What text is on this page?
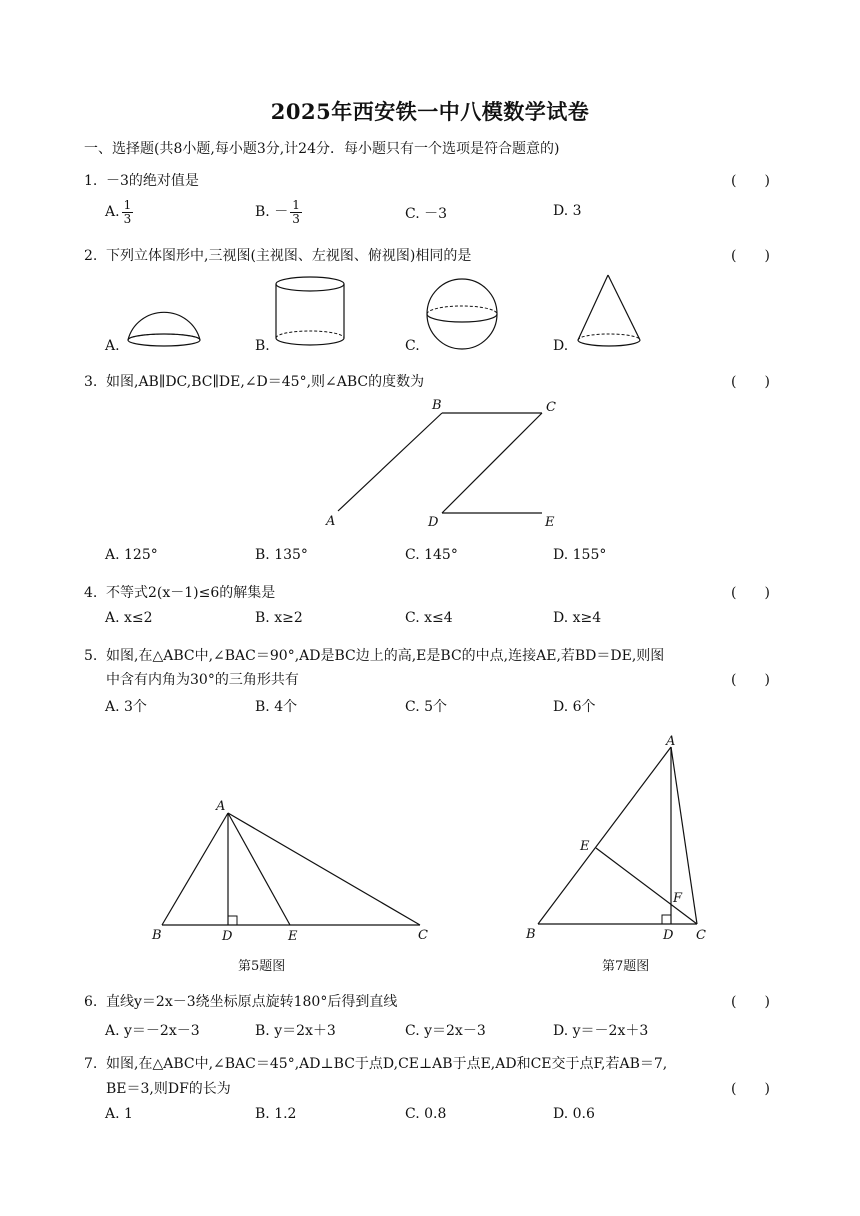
2025年西安铁一中八模数学试卷
一、选择题(共8小题,每小题3分,计24分．每小题只有一个选项是符合题意的)
1. －3的绝对值是	(　　)
A. $\frac{1}{3}$	B. － $\frac{1}{3}$	C. －3	D. 3
2. 下列立体图形中,三视图(主视图、左视图、俯视图)相同的是	(　　)
A.	B.	C.	D.
3. 如图,AB∥DC,BC∥DE,∠D＝45°,则∠ABC的度数为	(　　)
A
B	C
D	E
A. 125°	B. 135°	C. 145°	D. 155°
4. 不等式2(x－1)≤6的解集是	(　　)
A. x≤2	B. x≥2	C. x≤4	D. x≥4
5. 如图,在△ABC中,∠BAC＝90°,AD是BC边上的高,E是BC的中点,连接AE,若BD＝DE,则图
中含有内角为30°的三角形共有	(　　)
A. 3个	B. 4个	C. 5个	D. 6个
A
B	D	E	C
第5题图
A
E
F
B	D C
第7题图
6. 直线y＝2x－3绕坐标原点旋转180°后得到直线	(　　)
A. y＝－2x－3	B. y＝2x＋3	C. y＝2x－3	D. y＝－2x＋3
7. 如图,在△ABC中,∠BAC＝45°,AD⊥BC于点D,CE⊥AB于点E,AD和CE交于点F,若AB＝7,
BE＝3,则DF的长为	(　　)
A. 1	B. 1.2	C. 0.8	D. 0.6
